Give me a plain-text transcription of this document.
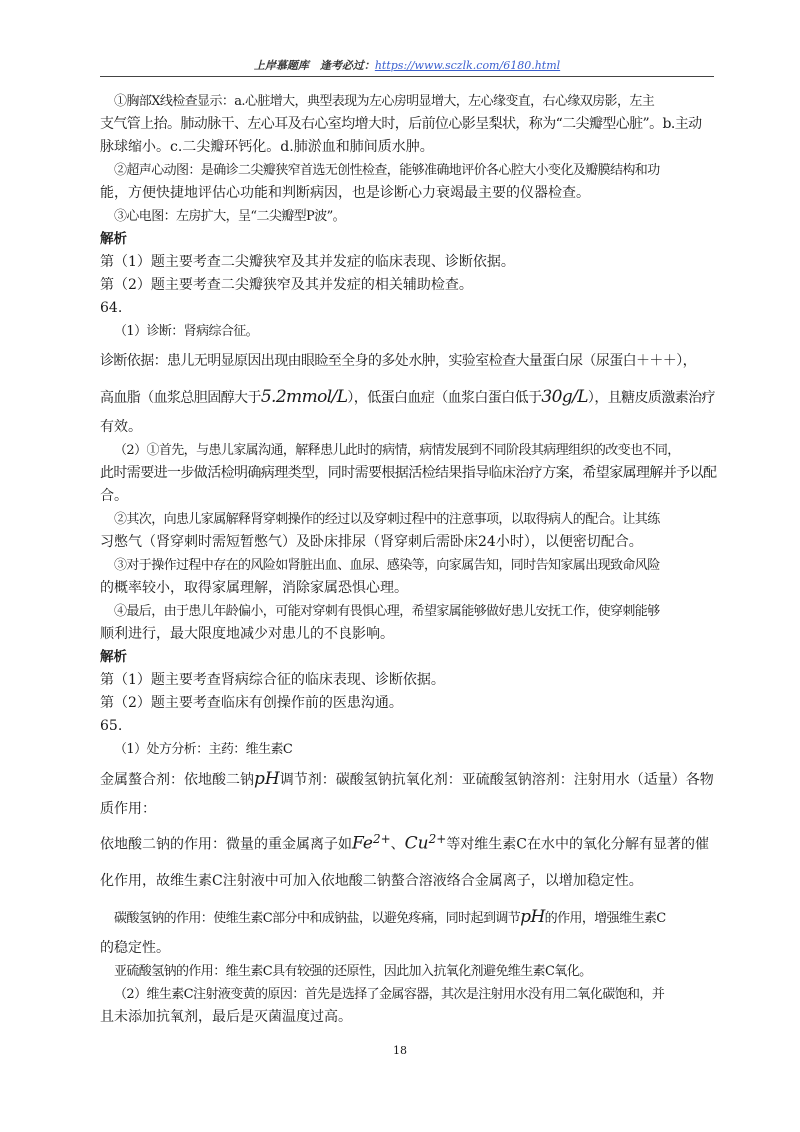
上岸慕题库　逢考必过：https://www.sczlk.com/6180.html
①胸部X线检查显示：a.心脏增大，典型表现为左心房明显增大，左心缘变直，右心缘双房影，左主
支气管上抬。肺动脉干、左心耳及右心室均增大时，后前位心影呈梨状，称为“二尖瓣型心脏”。b.主动
脉球缩小。c.二尖瓣环钙化。d.肺淤血和肺间质水肿。
②超声心动图：是确诊二尖瓣狭窄首选无创性检查，能够准确地评价各心腔大小变化及瓣膜结构和功
能，方便快捷地评估心功能和判断病因，也是诊断心力衰竭最主要的仪器检查。
③心电图：左房扩大，呈“二尖瓣型P波”。
解析
第（1）题主要考查二尖瓣狭窄及其并发症的临床表现、诊断依据。
第（2）题主要考查二尖瓣狭窄及其并发症的相关辅助检查。
64.
（1）诊断：肾病综合征。
诊断依据：患儿无明显原因出现由眼睑至全身的多处水肿，实验室检查大量蛋白尿（尿蛋白＋＋＋），
高血脂（血浆总胆固醇大于5.2mmol/L），低蛋白血症（血浆白蛋白低于30g/L），且糖皮质激素治疗
有效。
（2）①首先，与患儿家属沟通，解释患儿此时的病情，病情发展到不同阶段其病理组织的改变也不同，
此时需要进一步做活检明确病理类型，同时需要根据活检结果指导临床治疗方案，希望家属理解并予以配
合。
②其次，向患儿家属解释肾穿刺操作的经过以及穿刺过程中的注意事项，以取得病人的配合。让其练
习憋气（肾穿刺时需短暂憋气）及卧床排尿（肾穿刺后需卧床24小时），以便密切配合。
③对于操作过程中存在的风险如肾脏出血、血尿、感染等，向家属告知，同时告知家属出现致命风险
的概率较小，取得家属理解，消除家属恐惧心理。
④最后，由于患儿年龄偏小，可能对穿刺有畏惧心理，希望家属能够做好患儿安抚工作，使穿刺能够
顺利进行，最大限度地减少对患儿的不良影响。
解析
第（1）题主要考查肾病综合征的临床表现、诊断依据。
第（2）题主要考查临床有创操作前的医患沟通。
65.
（1）处方分析：主药：维生素C
金属螯合剂：依地酸二钠pH调节剂：碳酸氢钠抗氧化剂：亚硫酸氢钠溶剂：注射用水（适量）各物
质作用：
依地酸二钠的作用：微量的重金属离子如$Fe^{2+}$、$Cu^{2+}$等对维生素C在水中的氧化分解有显著的催
化作用，故维生素C注射液中可加入依地酸二钠螯合溶液络合金属离子，以增加稳定性。
碳酸氢钠的作用：使维生素C部分中和成钠盐，以避免疼痛，同时起到调节pH的作用，增强维生素C
的稳定性。
亚硫酸氢钠的作用：维生素C具有较强的还原性，因此加入抗氧化剂避免维生素C氧化。
（2）维生素C注射液变黄的原因：首先是选择了金属容器，其次是注射用水没有用二氧化碳饱和，并
且未添加抗氧剂，最后是灭菌温度过高。
18
